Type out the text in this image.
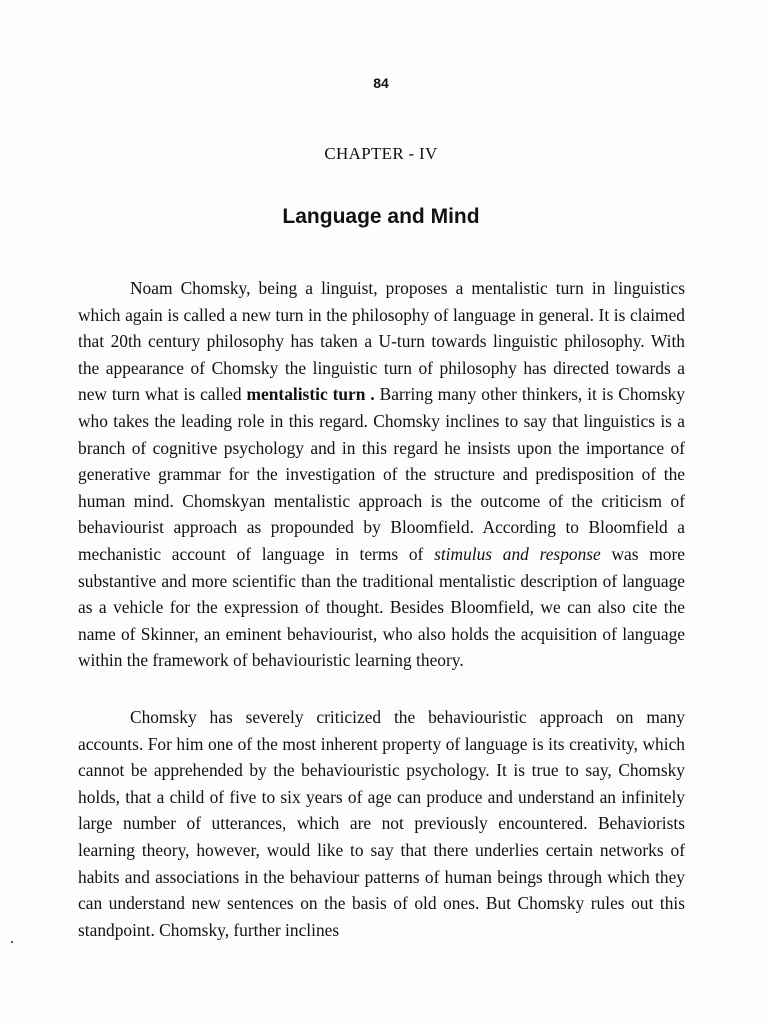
84
CHAPTER - IV
Language and Mind

Noam Chomsky, being a linguist, proposes a mentalistic turn in linguistics which again is called a new turn in the philosophy of language in general. It is claimed that 20th century philosophy has taken a U-turn towards linguistic philosophy. With the appearance of Chomsky the linguistic turn of philosophy has directed towards a new turn what is called mentalistic turn . Barring many other thinkers, it is Chomsky who takes the leading role in this regard. Chomsky inclines to say that linguistics is a branch of cognitive psychology and in this regard he insists upon the importance of generative grammar for the investigation of the structure and predisposition of the human mind. Chomskyan mentalistic approach is the outcome of the criticism of behaviourist approach as propounded by Bloomfield. According to Bloomfield a mechanistic account of language in terms of stimulus and response was more substantive and more scientific than the traditional mentalistic description of language as a vehicle for the expression of thought. Besides Bloomfield, we can also cite the name of Skinner, an eminent behaviourist, who also holds the acquisition of language within the framework of behaviouristic learning theory.

Chomsky has severely criticized the behaviouristic approach on many accounts. For him one of the most inherent property of language is its creativity, which cannot be apprehended by the behaviouristic psychology. It is true to say, Chomsky holds, that a child of five to six years of age can produce and understand an infinitely large number of utterances, which are not previously encountered. Behaviorists learning theory, however, would like to say that there underlies certain networks of habits and associations in the behaviour patterns of human beings through which they can understand new sentences on the basis of old ones. But Chomsky rules out this standpoint. Chomsky, further inclines
